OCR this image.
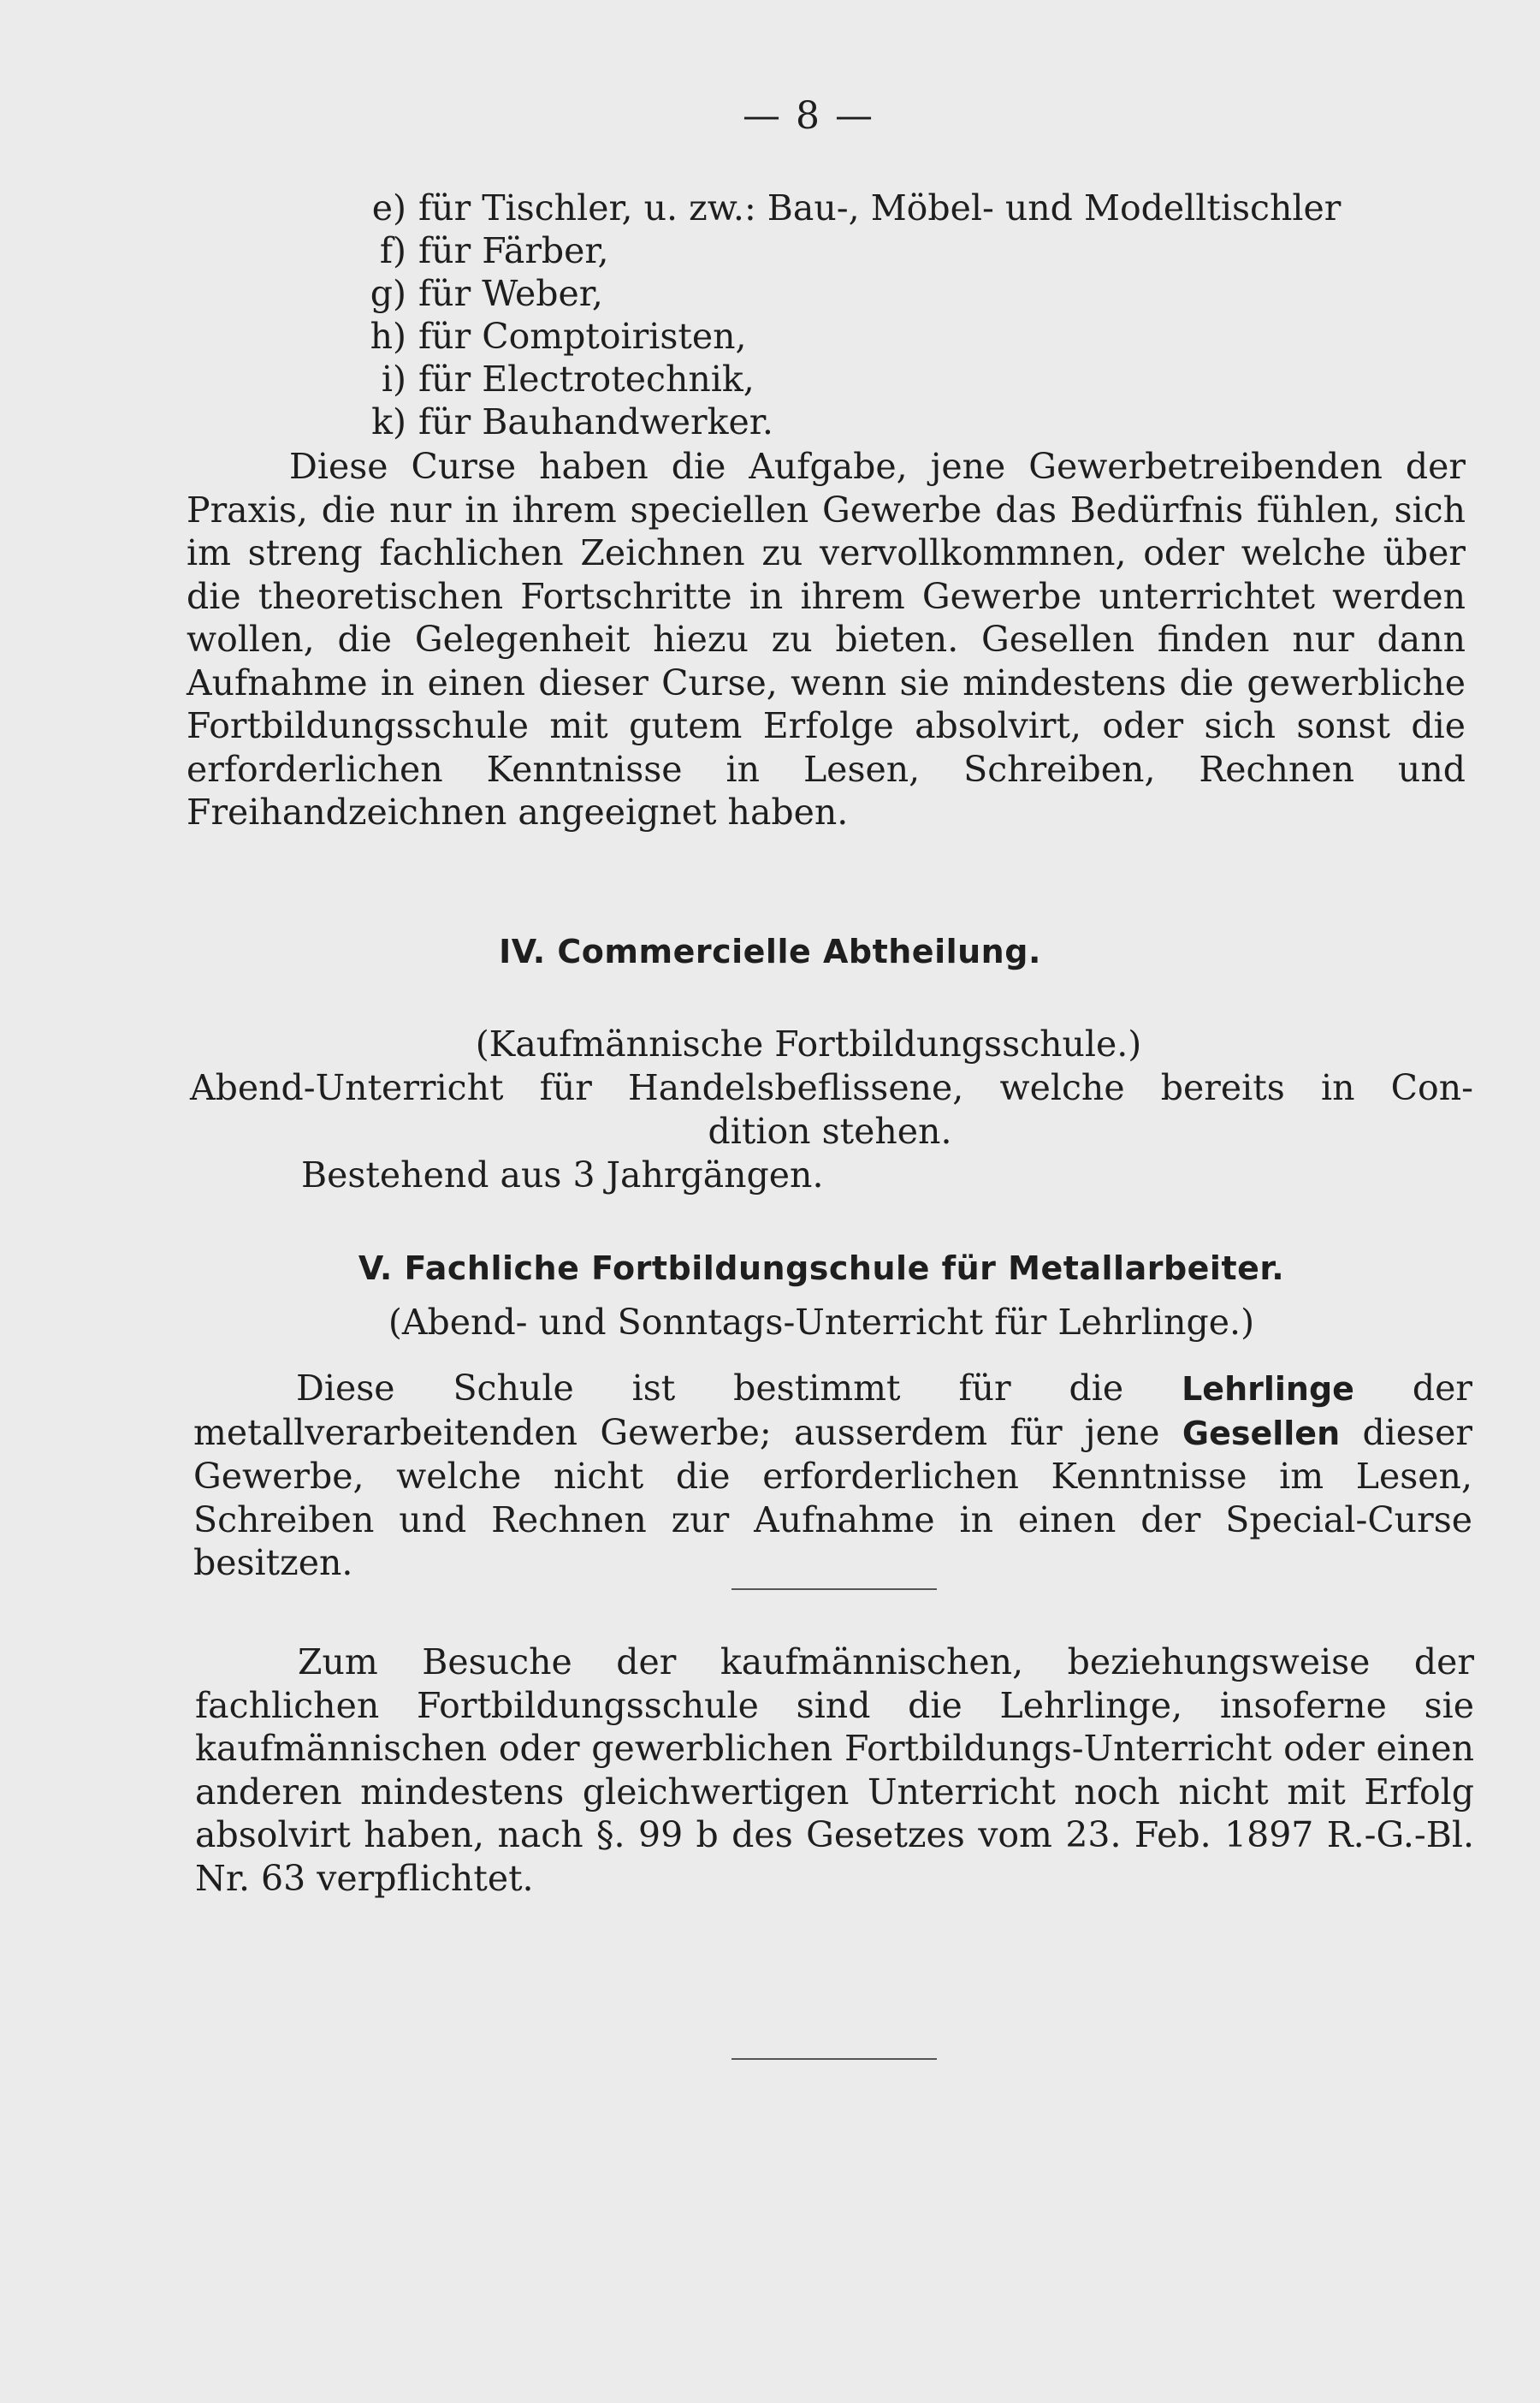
— 8 —
e) für Tischler, u. zw.: Bau-, Möbel- und Modelltischler
f) für Färber,
g) für Weber,
h) für Comptoiristen,
i) für Electrotechnik,
k) für Bauhandwerker.
Diese Curse haben die Aufgabe, jene Gewerbetreibenden der Praxis, die nur in ihrem speciellen Gewerbe das Bedürfnis fühlen, sich im streng fachlichen Zeichnen zu vervollkommnen, oder welche über die theoretischen Fortschritte in ihrem Gewerbe unterrichtet werden wollen, die Gelegenheit hiezu zu bieten. Gesellen finden nur dann Aufnahme in einen dieser Curse, wenn sie mindestens die gewerbliche Fortbildungsschule mit gutem Erfolge absolvirt, oder sich sonst die erforderlichen Kenntnisse in Lesen, Schreiben, Rechnen und Freihandzeichnen angeeignet haben.
IV. Commercielle Abtheilung.
(Kaufmännische Fortbildungsschule.)
Abend-Unterricht für Handelsbeflissene, welche bereits in Con-
dition stehen.
Bestehend aus 3 Jahrgängen.
V. Fachliche Fortbildungschule für Metallarbeiter.
(Abend- und Sonntags-Unterricht für Lehrlinge.)
Diese Schule ist bestimmt für die Lehrlinge der metallverarbeitenden Gewerbe; ausserdem für jene Gesellen dieser Gewerbe, welche nicht die erforderlichen Kenntnisse im Lesen, Schreiben und Rechnen zur Aufnahme in einen der Special-Curse besitzen.
Zum Besuche der kaufmännischen, beziehungsweise der fachlichen Fortbildungsschule sind die Lehrlinge, insoferne sie kaufmännischen oder gewerblichen Fortbildungs-Unterricht oder einen anderen mindestens gleichwertigen Unterricht noch nicht mit Erfolg absolvirt haben, nach §. 99 b des Gesetzes vom 23. Feb. 1897 R.-G.-Bl. Nr. 63 verpflichtet.
